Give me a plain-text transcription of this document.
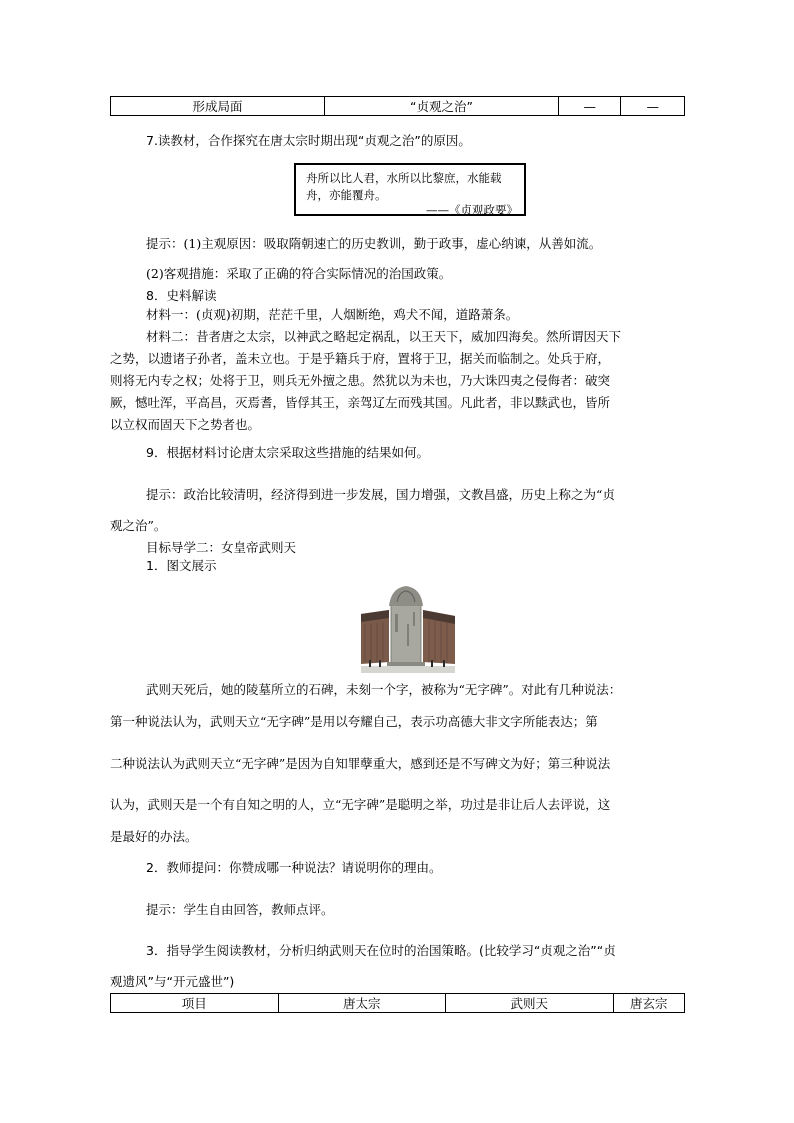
形成局面	“贞观之治”	—	—
7.读教材，合作探究在唐太宗时期出现“贞观之治”的原因。
舟所以比人君，水所以比黎庶，水能载舟，亦能覆舟。
——《贞观政要》
提示：(1)主观原因：吸取隋朝速亡的历史教训，勤于政事，虚心纳谏，从善如流。
(2)客观措施：采取了正确的符合实际情况的治国政策。
8．史料解读
材料一：(贞观)初期，茫茫千里，人烟断绝，鸡犬不闻，道路萧条。
材料二：昔者唐之太宗，以神武之略起定祸乱，以王天下，威加四海矣。然所谓因天下
之势，以遗诸子孙者，盖未立也。于是乎籍兵于府，置将于卫，据关而临制之。处兵于府，
则将无内专之权；处将于卫，则兵无外擅之患。然犹以为未也，乃大诛四夷之侵侮者：破突
厥，憾吐浑，平高昌，灭焉耆，皆俘其王，亲驾辽左而残其国。凡此者，非以黩武也，皆所
以立权而固天下之势者也。
9．根据材料讨论唐太宗采取这些措施的结果如何。
提示：政治比较清明，经济得到进一步发展，国力增强，文教昌盛，历史上称之为“贞
观之治”。
目标导学二：女皇帝武则天
1．图文展示
武则天死后，她的陵墓所立的石碑，未刻一个字，被称为“无字碑”。对此有几种说法：
第一种说法认为，武则天立“无字碑”是用以夸耀自己，表示功高德大非文字所能表达；第
二种说法认为武则天立“无字碑”是因为自知罪孽重大，感到还是不写碑文为好；第三种说法
认为，武则天是一个有自知之明的人，立“无字碑”是聪明之举，功过是非让后人去评说，这
是最好的办法。
2．教师提问：你赞成哪一种说法？请说明你的理由。
提示：学生自由回答，教师点评。
3．指导学生阅读教材，分析归纳武则天在位时的治国策略。(比较学习“贞观之治”“贞
观遗风”与“开元盛世”)
项目	唐太宗	武则天	唐玄宗
